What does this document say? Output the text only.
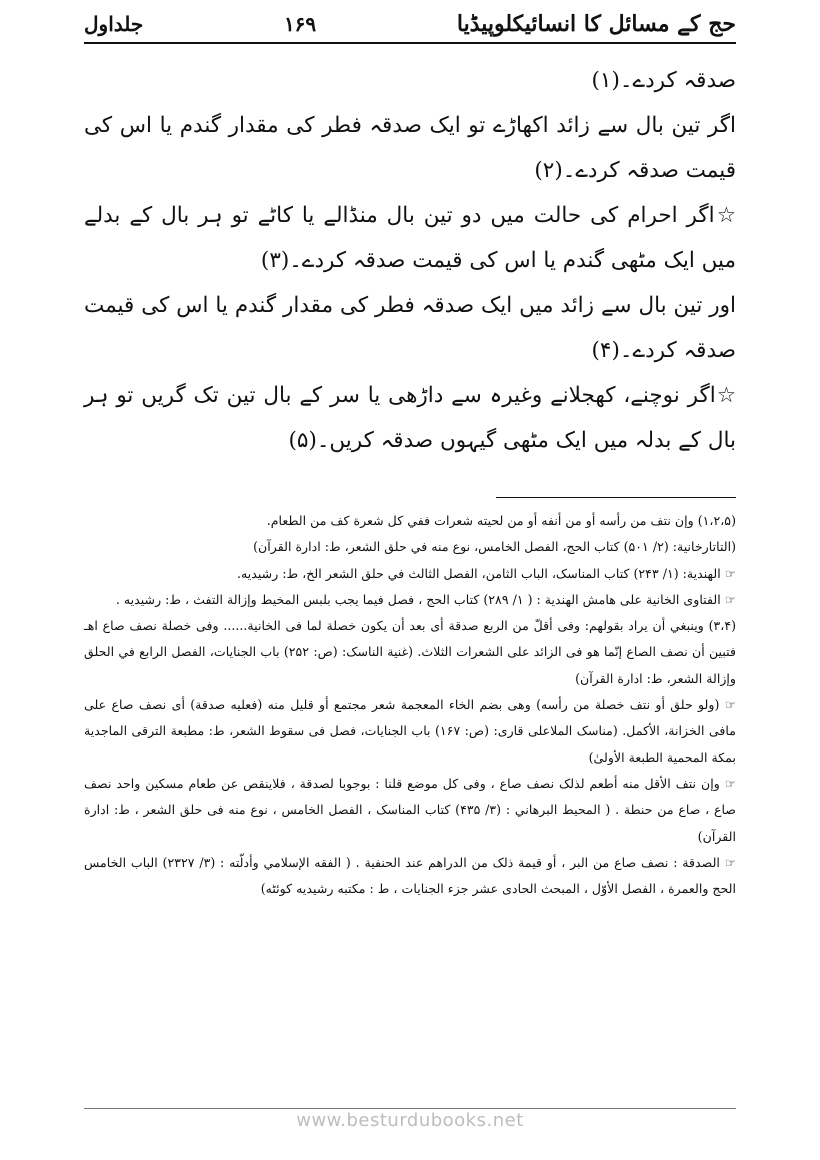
حج کے مسائل کا انسائیکلوپیڈیا
۱۶۹
جلداول

صدقہ کردے۔(۱)

اگر تین بال سے زائد اکھاڑے تو ایک صدقہ فطر کی مقدار گندم یا اس کی قیمت صدقہ کردے۔(۲)

☆اگر احرام کی حالت میں دو تین بال منڈالے یا کاٹے تو ہر بال کے بدلے میں ایک مٹھی گندم یا اس کی قیمت صدقہ کردے۔(۳)

اور تین بال سے زائد میں ایک صدقہ فطر کی مقدار گندم یا اس کی قیمت صدقہ کردے۔(۴)

☆اگر نوچنے، کھجلانے وغیرہ سے داڑھی یا سر کے بال تین تک گریں تو ہر بال کے بدلہ میں ایک مٹھی گیہوں صدقہ کریں۔(۵)

(۱،۲،۵) وإن نتف من رأسه أو من أنفه أو من لحيته شعرات ففي كل شعرة كف من الطعام.

(التاتارخانية: (۲/ ۵۰۱) كتاب الحج، الفصل الخامس، نوع منه في حلق الشعر، ط: ادارة القرآن)

☞ الهندية: (۱/ ۲۴۳) كتاب المناسک، الباب الثامن، الفصل الثالث في حلق الشعر الخ، ط: رشيديه.

☞ الفتاوى الخانية على هامش الهندية : ( ۱/ ۲۸۹) كتاب الحج ، فصل فيما يجب بلبس المخيط وإزالة التفث ، ط: رشيديه .

(۳،۴) وينبغي أن يراد بقولهم: وفى أقلّ من الربع صدقة أى بعد أن يكون خصلة لما فى الخانية...... وفى خصلة نصف صاع اهـ فتبين أن نصف الصاع إنّما هو فى الزائد على الشعرات الثلاث. (غنية الناسک: (ص: ۲۵۲) باب الجنايات، الفصل الرابع في الحلق وإزالة الشعر، ط: ادارة القرآن)

☞ (ولو حلق أو نتف خصلة من رأسه) وهى بضم الخاء المعجمة شعر مجتمع أو قليل منه (فعليه صدقة) أى نصف صاع على مافى الخزانة، الأكمل. (مناسک الملاعلى قارى: (ص: ۱۶۷) باب الجنايات، فصل فى سقوط الشعر، ط: مطبعة الترقى الماجدية بمكة المحمية الطبعة الأولىٰ)

☞ وإن نتف الأقل منه أطعم لذلک نصف صاع ، وفى كل موضع قلنا : بوجوبا لصدقة ، فلاينقص عن طعام مسكين واحد نصف صاع ، صاع من حنطة . ( المحيط البرهاني : (۳/ ۴۳۵) كتاب المناسک ، الفصل الخامس ، نوع منه فى حلق الشعر ، ط: ادارة القرآن)

☞ الصدقة : نصف صاع من البر ، أو قيمة ذلک من الدراهم عند الحنفية . ( الفقه الإسلامي وأدلّته : (۳/ ۲۳۲۷) الباب الخامس الحج والعمرة ، الفصل الأوّل ، المبحث الحادى عشر جزء الجنايات ، ط : مكتبه رشيديه كوئٹه)

www.besturdubooks.net
